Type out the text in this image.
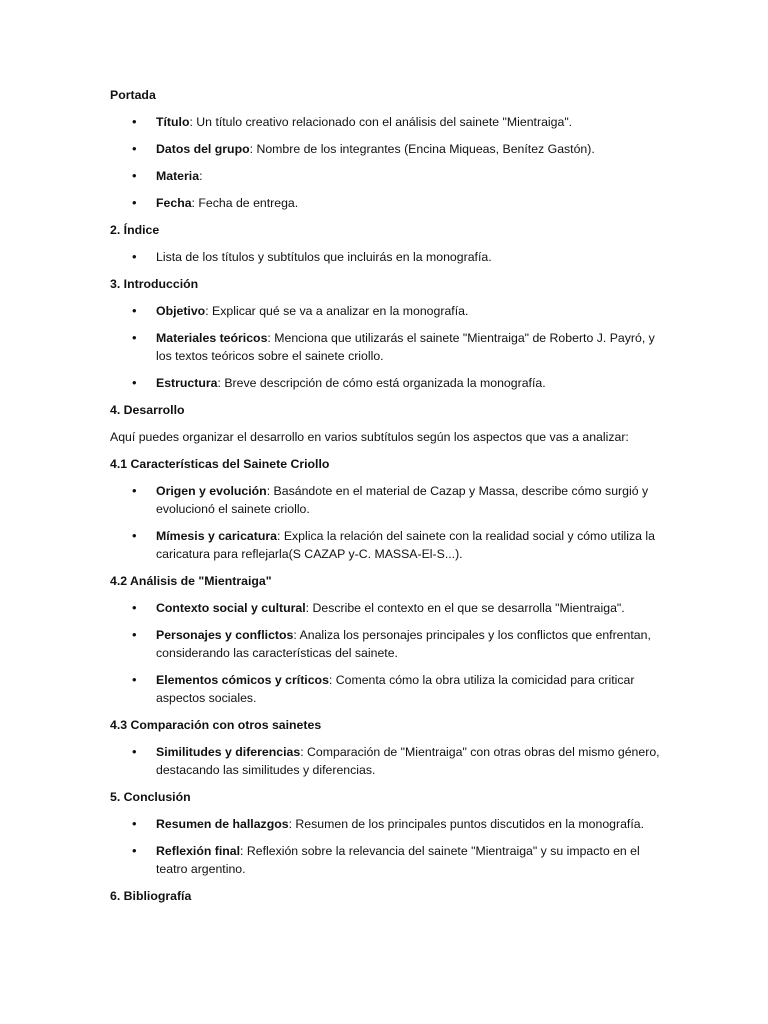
Portada
• Título: Un título creativo relacionado con el análisis del sainete "Mientraiga".
• Datos del grupo: Nombre de los integrantes (Encina Miqueas, Benítez Gastón).
• Materia:
• Fecha: Fecha de entrega.
2. Índice
• Lista de los títulos y subtítulos que incluirás en la monografía.
3. Introducción
• Objetivo: Explicar qué se va a analizar en la monografía.
• Materiales teóricos: Menciona que utilizarás el sainete "Mientraiga" de Roberto J. Payró, y los textos teóricos sobre el sainete criollo.
• Estructura: Breve descripción de cómo está organizada la monografía.
4. Desarrollo
Aquí puedes organizar el desarrollo en varios subtítulos según los aspectos que vas a analizar:
4.1 Características del Sainete Criollo
• Origen y evolución: Basándote en el material de Cazap y Massa, describe cómo surgió y evolucionó el sainete criollo.
• Mímesis y caricatura: Explica la relación del sainete con la realidad social y cómo utiliza la caricatura para reflejarla(S CAZAP y-C. MASSA-El-S...).
4.2 Análisis de "Mientraiga"
• Contexto social y cultural: Describe el contexto en el que se desarrolla "Mientraiga".
• Personajes y conflictos: Analiza los personajes principales y los conflictos que enfrentan, considerando las características del sainete.
• Elementos cómicos y críticos: Comenta cómo la obra utiliza la comicidad para criticar aspectos sociales.
4.3 Comparación con otros sainetes
• Similitudes y diferencias: Comparación de "Mientraiga" con otras obras del mismo género, destacando las similitudes y diferencias.
5. Conclusión
• Resumen de hallazgos: Resumen de los principales puntos discutidos en la monografía.
• Reflexión final: Reflexión sobre la relevancia del sainete "Mientraiga" y su impacto en el teatro argentino.
6. Bibliografía
